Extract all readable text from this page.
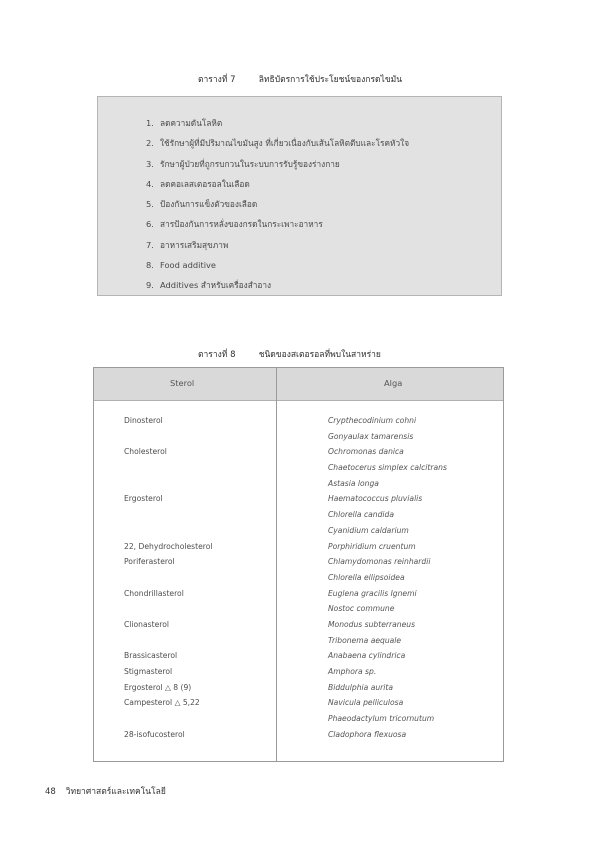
ตารางที่ 7	ลิทธิบัตรการใช้ประโยชน์ของกรดไขมัน
1. ลดความดันโลหิต
2. ใช้รักษาผู้ที่มีปริมาณไขมันสูง ที่เกี่ยวเนื่องกับเส้นโลหิตตีบและโรคหัวใจ
3. รักษาผู้ป่วยที่ถูกรบกวนในระบบการรับรู้ของร่างกาย
4. ลดคอเลสเตอรอลในเลือด
5. ป้องกันการแข็งตัวของเลือด
6. สารป้องกันการหลั่งของกรดในกระเพาะอาหาร
7. อาหารเสริมสุขภาพ
8. Food additive
9. Additives สำหรับเครื่องสำอาง
ตารางที่ 8	ชนิดของสเตอรอลที่พบในสาหร่าย
Sterol	Alga
Dinosterol	Crypthecodinium cohni
Gonyaulax tamarensis
Cholesterol	Ochromonas danica
Chaetocerus simplex calcitrans
Astasia longa
Ergosterol	Haematococcus pluvialis
Chlorella candida
Cyanidium caldarium
22, Dehydrocholesterol	Porphiridium cruentum
Poriferasterol	Chlamydomonas reinhardii
Chlorella ellipsoidea
Chondrillasterol	Euglena gracilis Ignemi
Nostoc commune
Clionasterol	Monodus subterraneus
Tribonema aequale
Brassicasterol	Anabaena cylindrica
Stigmasterol	Amphora sp.
Ergosterol △ 8 (9)	Biddulphia aurita
Campesterol △ 5,22	Navicula pelliculosa
Phaeodactylum tricornutum
28-isofucosterol	Cladophora flexuosa
48 วิทยาศาสตร์และเทคโนโลยี
